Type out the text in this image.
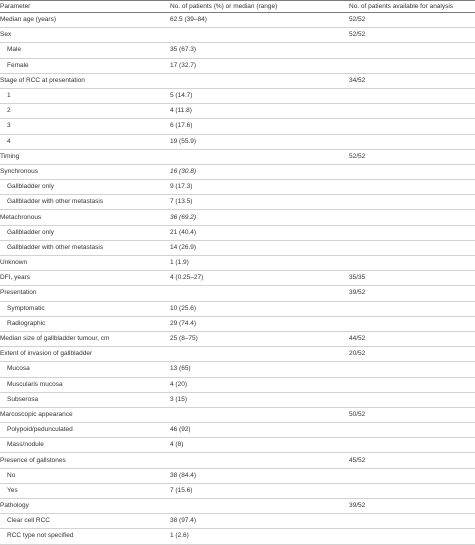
Parameter	No. of patients (%) or median (range)	No. of patients available for analysis
Median age (years)	62.5 (39–84)	52/52
Sex		52/52
Male	35 (67.3)	
Female	17 (32.7)	
Stage of RCC at presentation		34/52
1	5 (14.7)	
2	4 (11.8)	
3	6 (17.6)	
4	19 (55.9)	
Timing		52/52
Synchronous	16 (30.8)	
Gallbladder only	9 (17.3)	
Gallbladder with other metastasis	7 (13.5)	
Metachronous	36 (69.2)	
Gallbladder only	21 (40.4)	
Gallbladder with other metastasis	14 (26.9)	
Unknown	1 (1.9)	
DFI, years	4 (0.25–27)	35/35
Presentation		39/52
Symptomatic	10 (25.6)	
Radiographic	29 (74.4)	
Median size of gallbladder tumour, cm	25 (8–75)	44/52
Extent of invasion of gallbladder		20/52
Mucosa	13 (65)	
Muscularis mucosa	4 (20)	
Subserosa	3 (15)	
Marcoscopic appearance		50/52
Polypoid/pedunculated	46 (92)	
Mass/nodule	4 (8)	
Presence of gallstones		45/52
No	38 (84.4)	
Yes	7 (15.6)	
Pathology		39/52
Clear cell RCC	38 (97.4)	
RCC type not specified	1 (2.6)	
